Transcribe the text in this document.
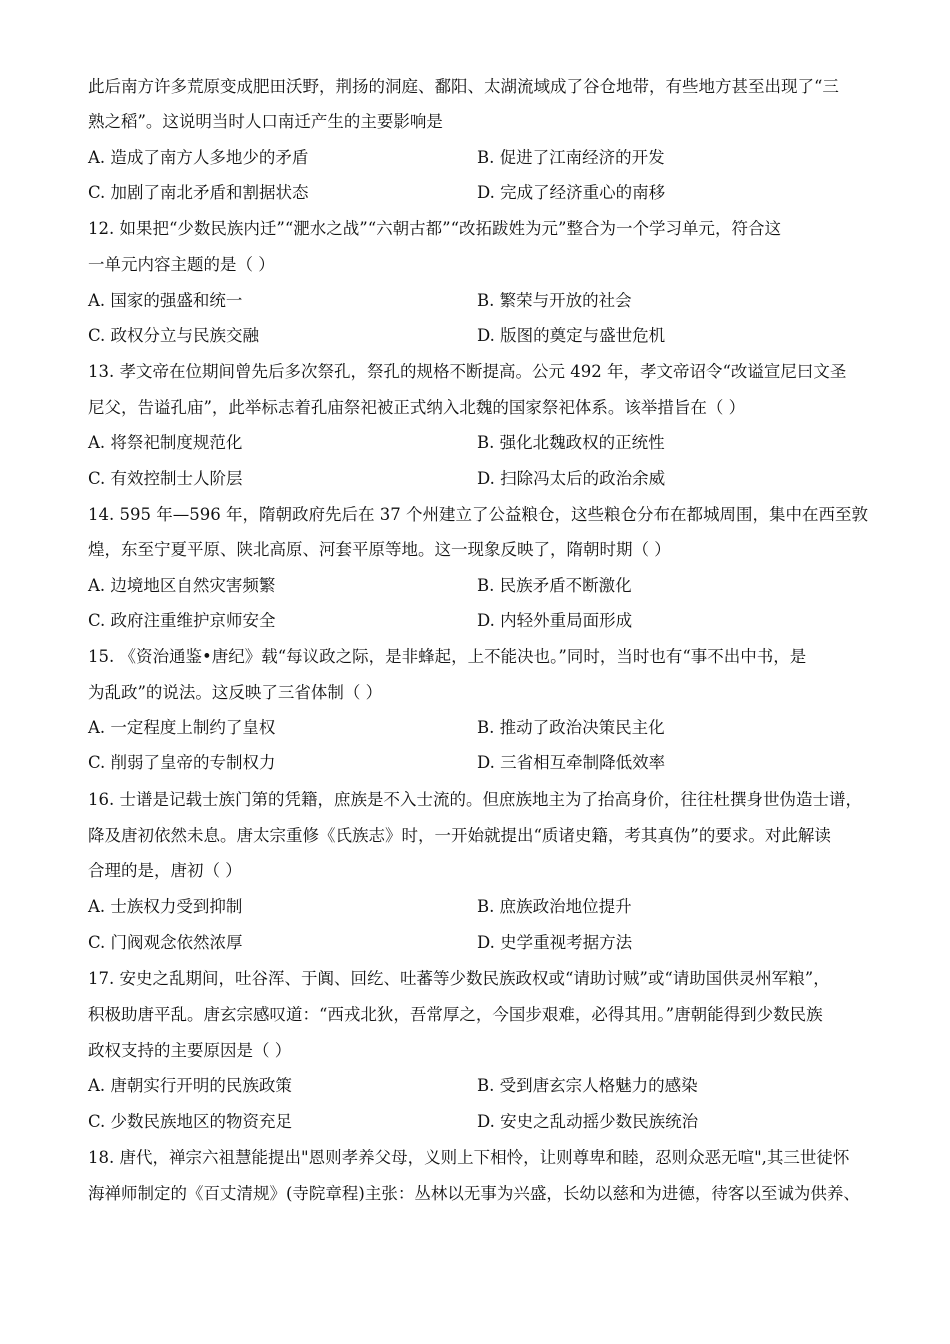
此后南方许多荒原变成肥田沃野，荆扬的洞庭、鄱阳、太湖流域成了谷仓地带，有些地方甚至出现了“三
熟之稻”。这说明当时人口南迁产生的主要影响是
A. 造成了南方人多地少的矛盾	B. 促进了江南经济的开发
C. 加剧了南北矛盾和割据状态	D. 完成了经济重心的南移
12. 如果把“少数民族内迁”“淝水之战”“六朝古都”“改拓跋姓为元”整合为一个学习单元，符合这
一单元内容主题的是（ ）
A. 国家的强盛和统一	B. 繁荣与开放的社会
C. 政权分立与民族交融	D. 版图的奠定与盛世危机
13. 孝文帝在位期间曾先后多次祭孔，祭孔的规格不断提高。公元 492 年，孝文帝诏令“改谥宣尼曰文圣
尼父，告谥孔庙”，此举标志着孔庙祭祀被正式纳入北魏的国家祭祀体系。该举措旨在（ ）
A. 将祭祀制度规范化	B. 强化北魏政权的正统性
C. 有效控制士人阶层	D. 扫除冯太后的政治余威
14. 595 年—596 年，隋朝政府先后在 37 个州建立了公益粮仓，这些粮仓分布在都城周围，集中在西至敦
煌，东至宁夏平原、陕北高原、河套平原等地。这一现象反映了，隋朝时期（ ）
A. 边境地区自然灾害频繁	B. 民族矛盾不断激化
C. 政府注重维护京师安全	D. 内轻外重局面形成
15. 《资治通鉴•唐纪》载“每议政之际，是非蜂起，上不能决也。”同时，当时也有“事不出中书，是
为乱政”的说法。这反映了三省体制（ ）
A. 一定程度上制约了皇权	B. 推动了政治决策民主化
C. 削弱了皇帝的专制权力	D. 三省相互牵制降低效率
16. 士谱是记载士族门第的凭籍，庶族是不入士流的。但庶族地主为了抬高身价，往往杜撰身世伪造士谱，
降及唐初依然未息。唐太宗重修《氏族志》时，一开始就提出“质诸史籍，考其真伪”的要求。对此解读
合理的是，唐初（ ）
A. 士族权力受到抑制	B. 庶族政治地位提升
C. 门阀观念依然浓厚	D. 史学重视考据方法
17. 安史之乱期间，吐谷浑、于阗、回纥、吐蕃等少数民族政权或“请助讨贼”或“请助国供灵州军粮”，
积极助唐平乱。唐玄宗感叹道：“西戎北狄，吾常厚之，今国步艰难，必得其用。”唐朝能得到少数民族
政权支持的主要原因是（ ）
A. 唐朝实行开明的民族政策	B. 受到唐玄宗人格魅力的感染
C. 少数民族地区的物资充足	D. 安史之乱动摇少数民族统治
18. 唐代，禅宗六祖慧能提出"恩则孝养父母，义则上下相怜，让则尊卑和睦，忍则众恶无喧",其三世徒怀
海禅师制定的《百丈清规》(寺院章程)主张：丛林以无事为兴盛，长幼以慈和为进德，待客以至诚为供养、
